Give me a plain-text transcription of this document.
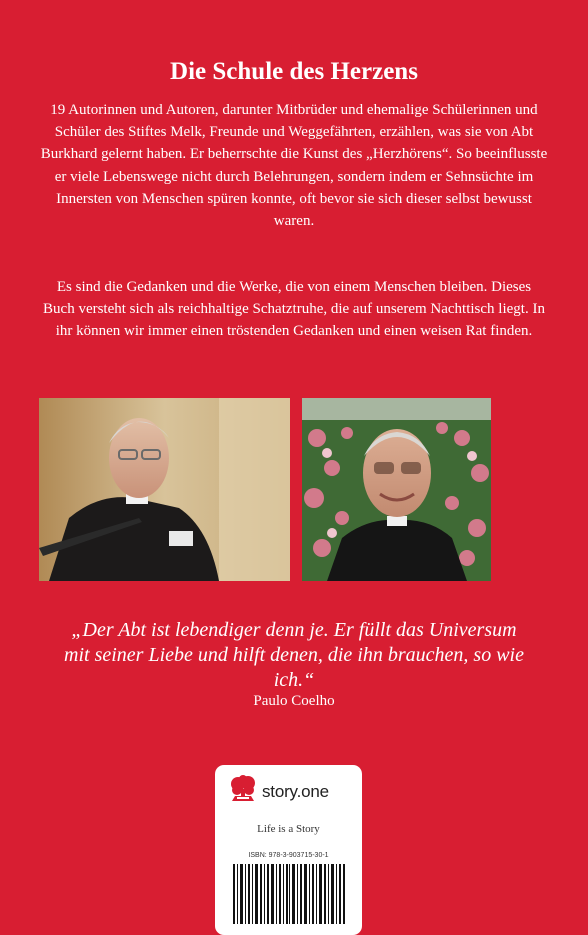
Die Schule des Herzens

19 Autorinnen und Autoren, darunter Mitbrüder und ehemalige Schülerinnen und Schüler des Stiftes Melk, Freunde und Weggefährten, erzählen, was sie von Abt Burkhard gelernt haben. Er beherrschte die Kunst des „Herzhörens“. So beeinflusste er viele Lebenswege nicht durch Belehrungen, sondern indem er Sehnsüchte im Innersten von Menschen spüren konnte, oft bevor sie sich dieser selbst bewusst waren.

Es sind die Gedanken und die Werke, die von einem Menschen bleiben. Dieses Buch versteht sich als reichhaltige Schatztruhe, die auf unserem Nachttisch liegt. In ihr können wir immer einen tröstenden Gedanken und einen weisen Rat finden.

„Der Abt ist lebendiger denn je. Er füllt das Universum mit seiner Liebe und hilft denen, die ihn brauchen, so wie ich.“

Paulo Coelho
story.one
Life is a Story
ISBN: 978-3-903715-30-1
